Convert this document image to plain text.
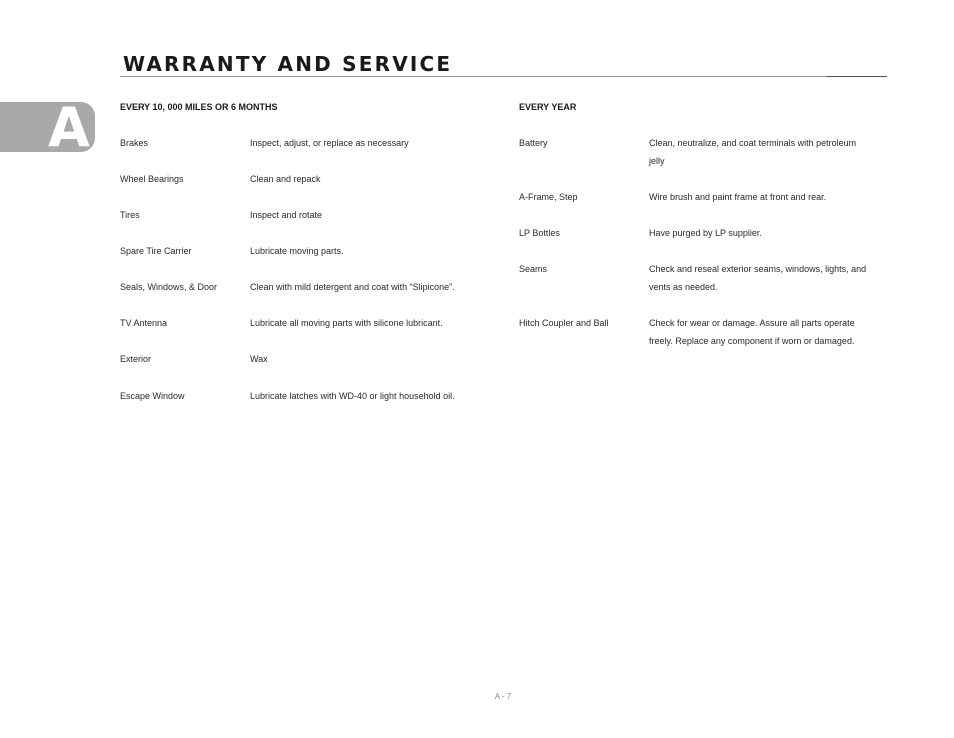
WARRANTY AND SERVICE
A	EVERY 10, 000 MILES OR 6 MONTHS
Brakes	Inspect, adjust, or replace as necessary
Wheel Bearings	Clean and repack
Tires	Inspect and rotate
Spare Tire Carrier	Lubricate moving parts.
Seals, Windows, & Door	Clean with mild detergent and coat with “Slipicone”.
TV Antenna	Lubricate all moving parts with silicone lubricant.
Exterior	Wax
Escape Window	Lubricate latches with WD-40 or light household oil.
EVERY YEAR
Battery	Clean, neutralize, and coat terminals with petroleum
jelly
A-Frame, Step	Wire brush and paint frame at front and rear.
LP Bottles	Have purged by LP supplier.
Seams	Check and reseal exterior seams, windows, lights, and
vents as needed.
Hitch Coupler and Ball	Check for wear or damage. Assure all parts operate
freely. Replace any component if worn or damaged.
A - 7
